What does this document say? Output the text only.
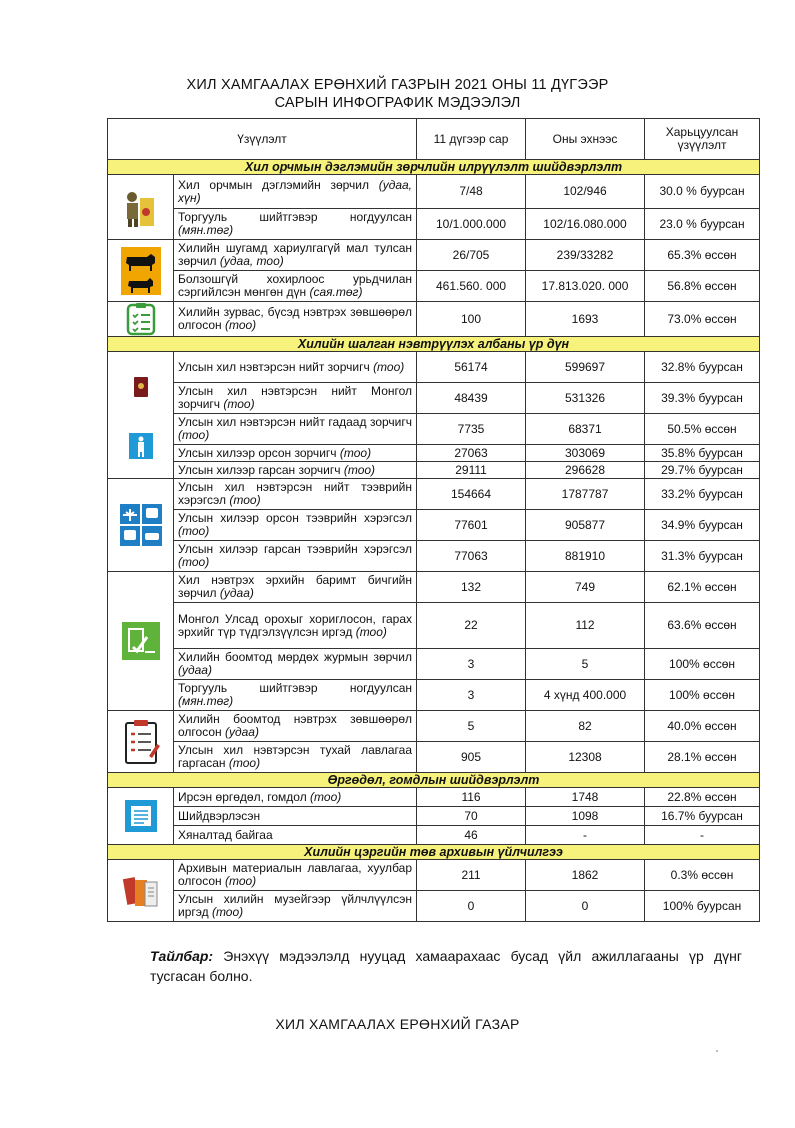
ХИЛ ХАМГААЛАХ ЕРӨНХИЙ ГАЗРЫН 2021 ОНЫ 11 ДҮГЭЭР
САРЫН ИНФОГРАФИК МЭДЭЭЛЭЛ
Үзүүлэлт		11 дүгээр сар	Оны эхнээс	Харьцуулсан
үзүүлэлт
Хил орчмын дэглэмийн зөрчлийн илрүүлэлт шийдвэрлэлт				

	Хил орчмын дэглэмийн зөрчил (удаа, хүн)	7/48	102/946	30.0 % буурсан
	Торгууль шийтгэвэр ногдуулсан (мян.төг)	10/1.000.000	102/16.080.000	23.0 % буурсан

	Хилийн шугамд хариулгагүй мал тулсан зөрчил (удаа, тоо)	26/705	239/33282	65.3% өссөн
	Болзошгүй хохирлоос урьдчилан сэргийлсэн мөнгөн дүн (сая.төг)	461.560. 000	17.813.020. 000	56.8% өссөн

	Хилийн зурвас, бүсэд нэвтрэх зөвшөөрөл олгосон (тоо)	100	1693	73.0% өссөн
Хилийн шалган нэвтрүүлэх албаны үр дүн				

	Улсын хил нэвтэрсэн нийт зорчигч (тоо)	56174	599697	32.8% буурсан
	Улсын хил нэвтэрсэн нийт Монгол зорчигч (тоо)	48439	531326	39.3% буурсан
	Улсын хил нэвтэрсэн нийт гадаад зорчигч (тоо)	7735	68371	50.5% өссөн
	Улсын хилээр орсон зорчигч (тоо)	27063	303069	35.8% буурсан
	Улсын хилээр гарсан зорчигч (тоо)	29111	296628	29.7% буурсан

	Улсын хил нэвтэрсэн нийт тээврийн хэрэгсэл (тоо)	154664	1787787	33.2% буурсан
	Улсын хилээр орсон тээврийн хэрэгсэл (тоо)	77601	905877	34.9% буурсан
	Улсын хилээр гарсан тээврийн хэрэгсэл (тоо)	77063	881910	31.3% буурсан

	Хил нэвтрэх эрхийн баримт бичгийн зөрчил (удаа)	132	749	62.1% өссөн
	Монгол Улсад орохыг хориглосон, гарах эрхийг түр түдгэлзүүлсэн иргэд (тоо)	22	112	63.6% өссөн
	Хилийн боомтод мөрдөх журмын зөрчил (удаа)	3	5	100% өссөн
	Торгууль шийтгэвэр ногдуулсан (мян.төг)	3	4 хүнд 400.000	100% өссөн

	Хилийн боомтод нэвтрэх зөвшөөрөл олгосон (удаа)	5	82	40.0% өссөн
	Улсын хил нэвтэрсэн тухай лавлагаа гаргасан (тоо)	905	12308	28.1% өссөн
Өргөдөл, гомдлын шийдвэрлэлт				

	Ирсэн өргөдөл, гомдол (тоо)	116	1748	22.8% өссөн
	Шийдвэрлэсэн	70	1098	16.7% буурсан
	Хяналтад байгаа	46	-	-
Хилийн цэргийн төв архивын үйлчилгээ				

	Архивын материалын лавлагаа, хуулбар олгосон (тоо)	211	1862	0.3% өссөн
	Улсын хилийн музейгээр үйлчлүүлсэн иргэд (тоо)	0	0	100% буурсан
Тайлбар: Энэхүү мэдээлэлд нууцад хамаарахаас бусад үйл ажиллагааны үр дүнг тусгасан болно.
ХИЛ ХАМГААЛАХ ЕРӨНХИЙ ГАЗАР
